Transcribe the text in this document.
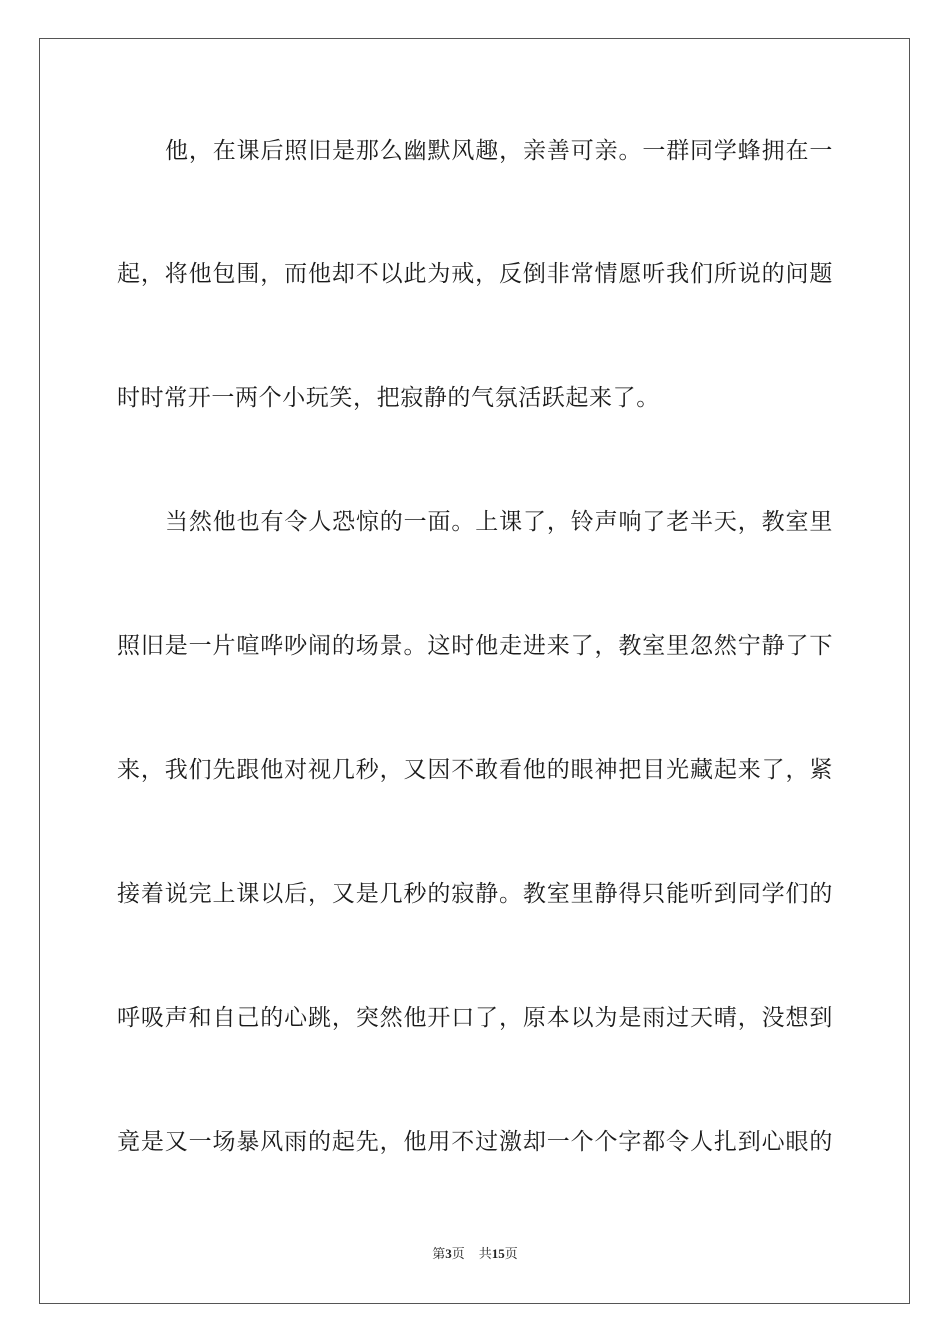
他，在课后照旧是那么幽默风趣，亲善可亲。一群同学蜂拥在一
起，将他包围，而他却不以此为戒，反倒非常情愿听我们所说的问题
时时常开一两个小玩笑，把寂静的气氛活跃起来了。
当然他也有令人恐惊的一面。上课了，铃声响了老半天，教室里
照旧是一片喧哗吵闹的场景。这时他走进来了，教室里忽然宁静了下
来，我们先跟他对视几秒，又因不敢看他的眼神把目光藏起来了，紧
接着说完上课以后，又是几秒的寂静。教室里静得只能听到同学们的
呼吸声和自己的心跳，突然他开口了，原本以为是雨过天晴，没想到
竟是又一场暴风雨的起先，他用不过激却一个个字都令人扎到心眼的
第3页 共15页
